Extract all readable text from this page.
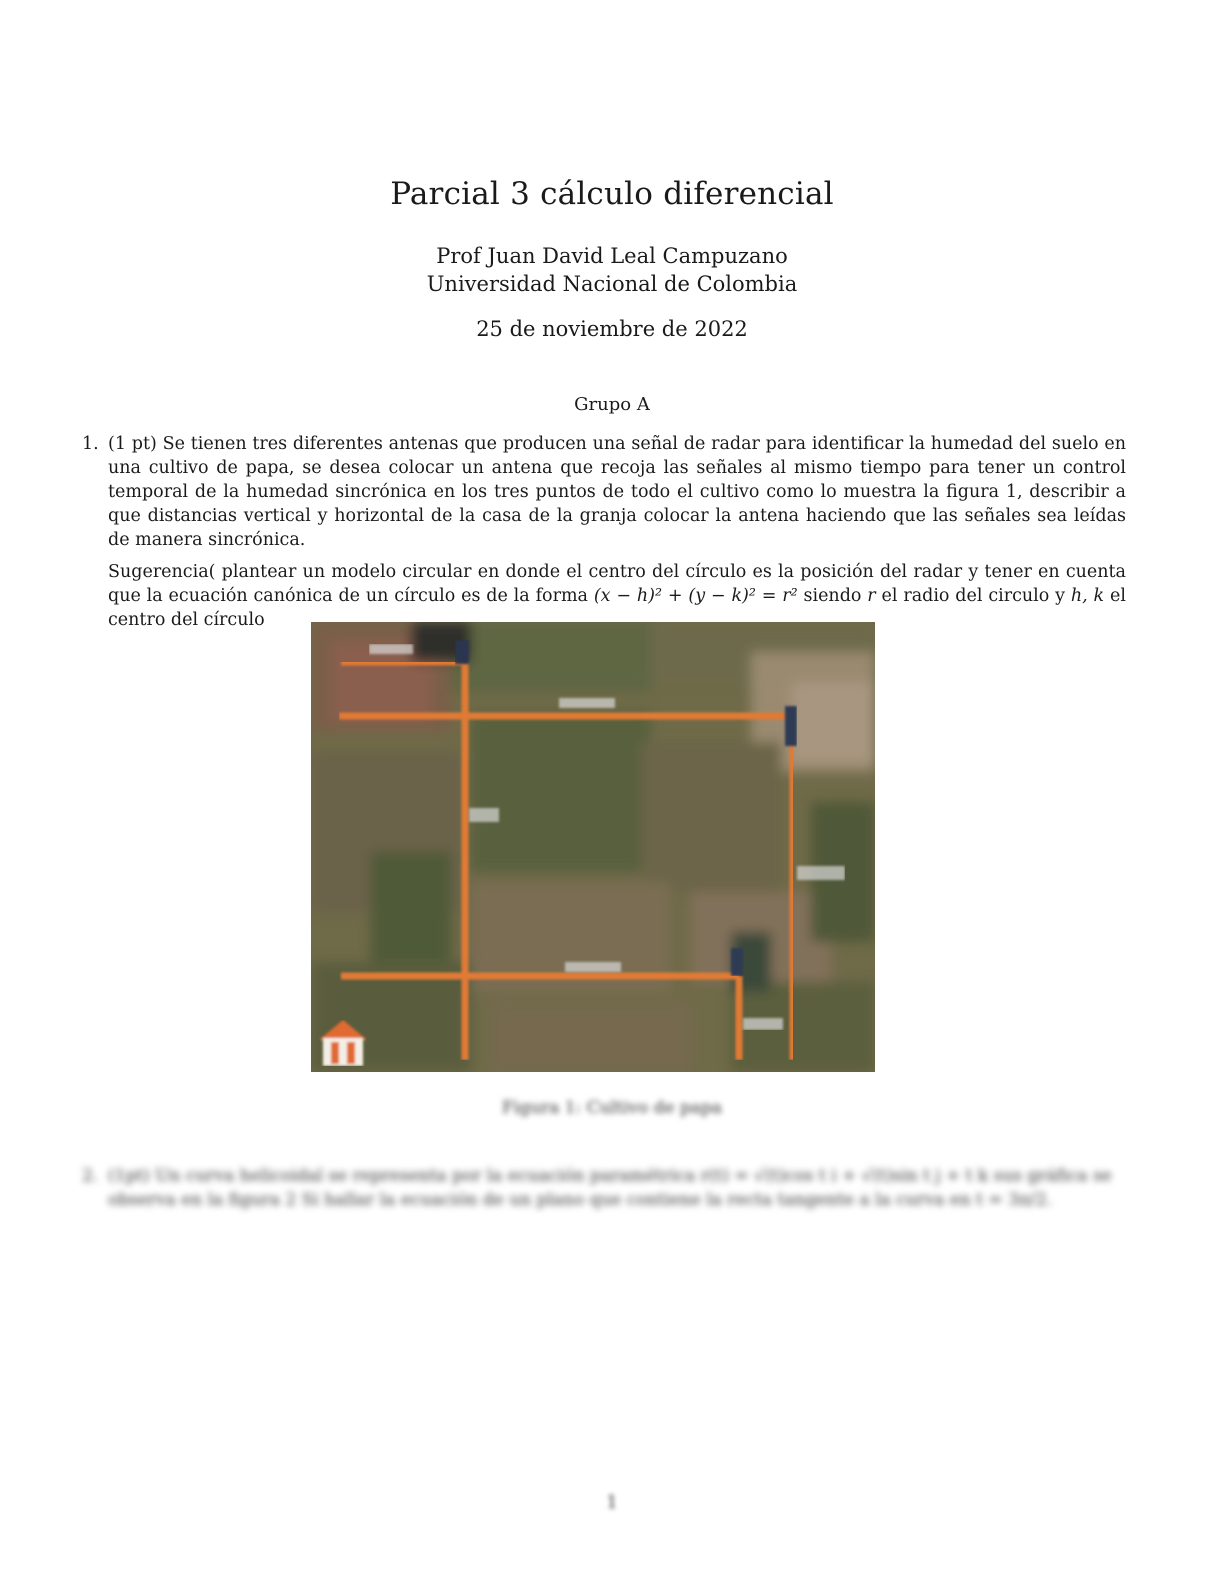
Parcial 3 cálculo diferencial
Prof Juan David Leal Campuzano
Universidad Nacional de Colombia
25 de noviembre de 2022
Grupo A
1. (1 pt) Se tienen tres diferentes antenas que producen una señal de radar para identificar la humedad del suelo en una cultivo de papa, se desea colocar un antena que recoja las señales al mismo tiempo para tener un control temporal de la humedad sincrónica en los tres puntos de todo el cultivo como lo muestra la figura 1, describir a que distancias vertical y horizontal de la casa de la granja colocar la antena haciendo que las señales sea leídas de manera sincrónica.

Sugerencia( plantear un modelo circular en donde el centro del círculo es la posición del radar y tener en cuenta que la ecuación canónica de un círculo es de la forma (x − h)² + (y − k)² = r² siendo r el radio del circulo y h, k el centro del círculo

Figura 1: Cultivo de papa
2. (1pt) Un curva helicoidal se representa por la ecuación paramétrica r(t) = √(t)cos t i + √(t)sin t j + t k sus gráfica se observa en la figura 2 Si hallar la ecuación de un plano que contiene la recta tangente a la curva en t = 3π/2.
1
